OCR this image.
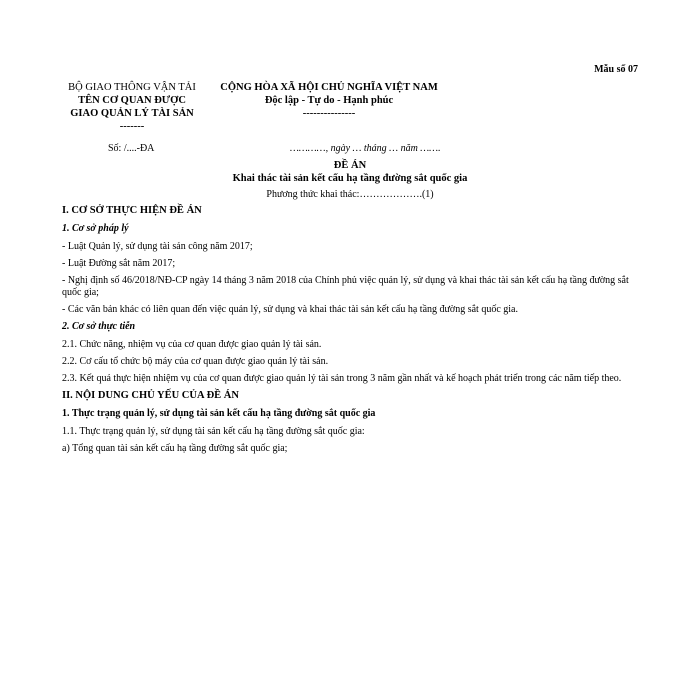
Mẫu số 07
BỘ GIAO THÔNG VẬN TẢI
TÊN CƠ QUAN ĐƯỢC
GIAO QUẢN LÝ TÀI SẢN
-------
CỘNG HÒA XÃ HỘI CHỦ NGHĨA VIỆT NAM
Độc lập - Tự do - Hạnh phúc
---------------
Số: /....-ĐA	…………, ngày … tháng … năm …….
ĐỀ ÁN
Khai thác tài sản kết cấu hạ tầng đường sắt quốc gia
Phương thức khai thác:……………….(1)

I. CƠ SỞ THỰC HIỆN ĐỀ ÁN

1. Cơ sở pháp lý

- Luật Quản lý, sử dụng tài sản công năm 2017;

- Luật Đường sắt năm 2017;

- Nghị định số 46/2018/NĐ-CP ngày 14 tháng 3 năm 2018 của Chính phủ việc quản lý, sử dụng và khai thác tài sản kết cấu hạ tầng đường sắt quốc gia;

- Các văn bản khác có liên quan đến việc quản lý, sử dụng và khai thác tài sản kết cấu hạ tầng đường sắt quốc gia.

2. Cơ sở thực tiễn

2.1. Chức năng, nhiệm vụ của cơ quan được giao quản lý tài sản.

2.2. Cơ cấu tổ chức bộ máy của cơ quan được giao quản lý tài sản.

2.3. Kết quả thực hiện nhiệm vụ của cơ quan được giao quản lý tài sản trong 3 năm gần nhất và kế hoạch phát triển trong các năm tiếp theo.

II. NỘI DUNG CHỦ YẾU CỦA ĐỀ ÁN

1. Thực trạng quản lý, sử dụng tài sản kết cấu hạ tầng đường sắt quốc gia

1.1. Thực trạng quản lý, sử dụng tài sản kết cấu hạ tầng đường sắt quốc gia:

a) Tổng quan tài sản kết cấu hạ tầng đường sắt quốc gia;
